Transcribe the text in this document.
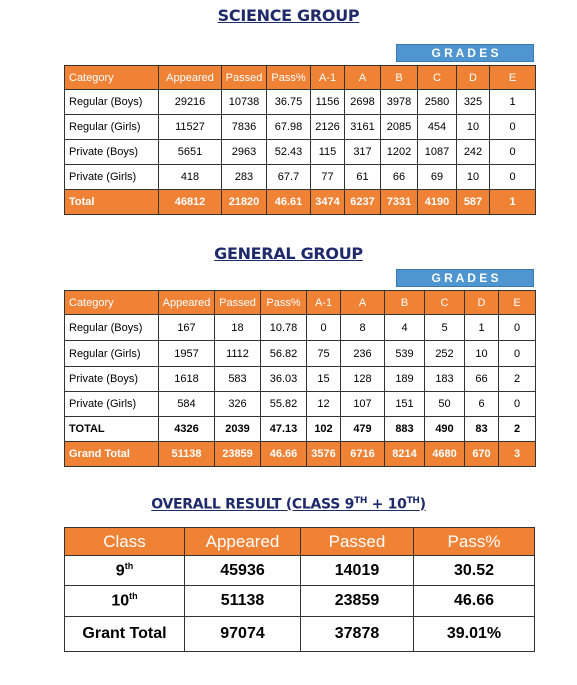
SCIENCE GROUP
G R A D E S
Category	Appeared	Passed	Pass%	A-1	A	B	C	D	E
Regular (Boys)	29216	10738	36.75	1156	2698	3978	2580	325	1
Regular (Girls)	11527	7836	67.98	2126	3161	2085	454	10	0
Private (Boys)	5651	2963	52.43	115	317	1202	1087	242	0
Private (Girls)	418	283	67.7	77	61	66	69	10	0
Total	46812	21820	46.61	3474	6237	7331	4190	587	1
GENERAL GROUP
G R A D E S
Category	Appeared	Passed	Pass%	A-1	A	B	C	D	E
Regular (Boys)	167	18	10.78	0	8	4	5	1	0
Regular (Girls)	1957	1112	56.82	75	236	539	252	10	0
Private (Boys)	1618	583	36.03	15	128	189	183	66	2
Private (Girls)	584	326	55.82	12	107	151	50	6	0
TOTAL	4326	2039	47.13	102	479	883	490	83	2
Grand Total	51138	23859	46.66	3576	6716	8214	4680	670	3
OVERALL RESULT (CLASS 9TH + 10TH)
Class	Appeared	Passed	Pass%
9th	45936	14019	30.52
10th	51138	23859	46.66
Grant Total	97074	37878	39.01%
